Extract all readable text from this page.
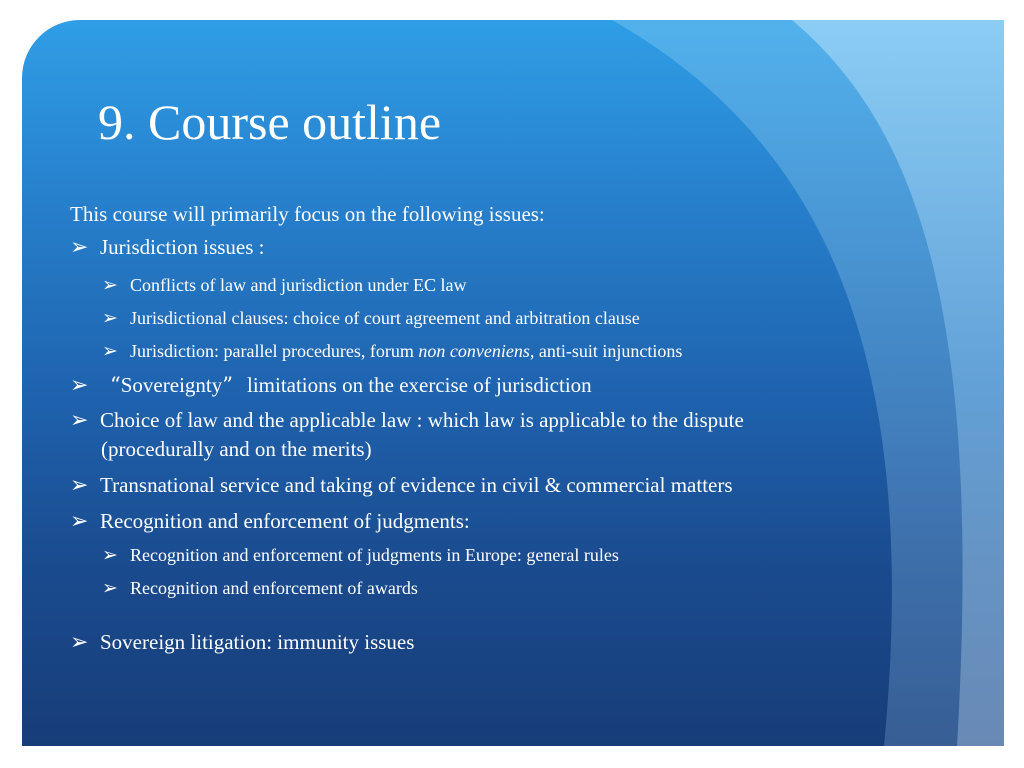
9. Course outline
This course will primarily focus on the following issues:
➢ Jurisdiction issues :
➢ Conflicts of law and jurisdiction under EC law
➢ Jurisdictional clauses: choice of court agreement and arbitration clause
➢ Jurisdiction: parallel procedures, forum non conveniens, anti-suit injunctions
➢ “Sovereignty” limitations on the exercise of jurisdiction
➢ Choice of law and the applicable law : which law is applicable to the dispute
(procedurally and on the merits)
➢ Transnational service and taking of evidence in civil & commercial matters
➢ Recognition and enforcement of judgments:
➢ Recognition and enforcement of judgments in Europe: general rules
➢ Recognition and enforcement of awards
➢ Sovereign litigation: immunity issues
